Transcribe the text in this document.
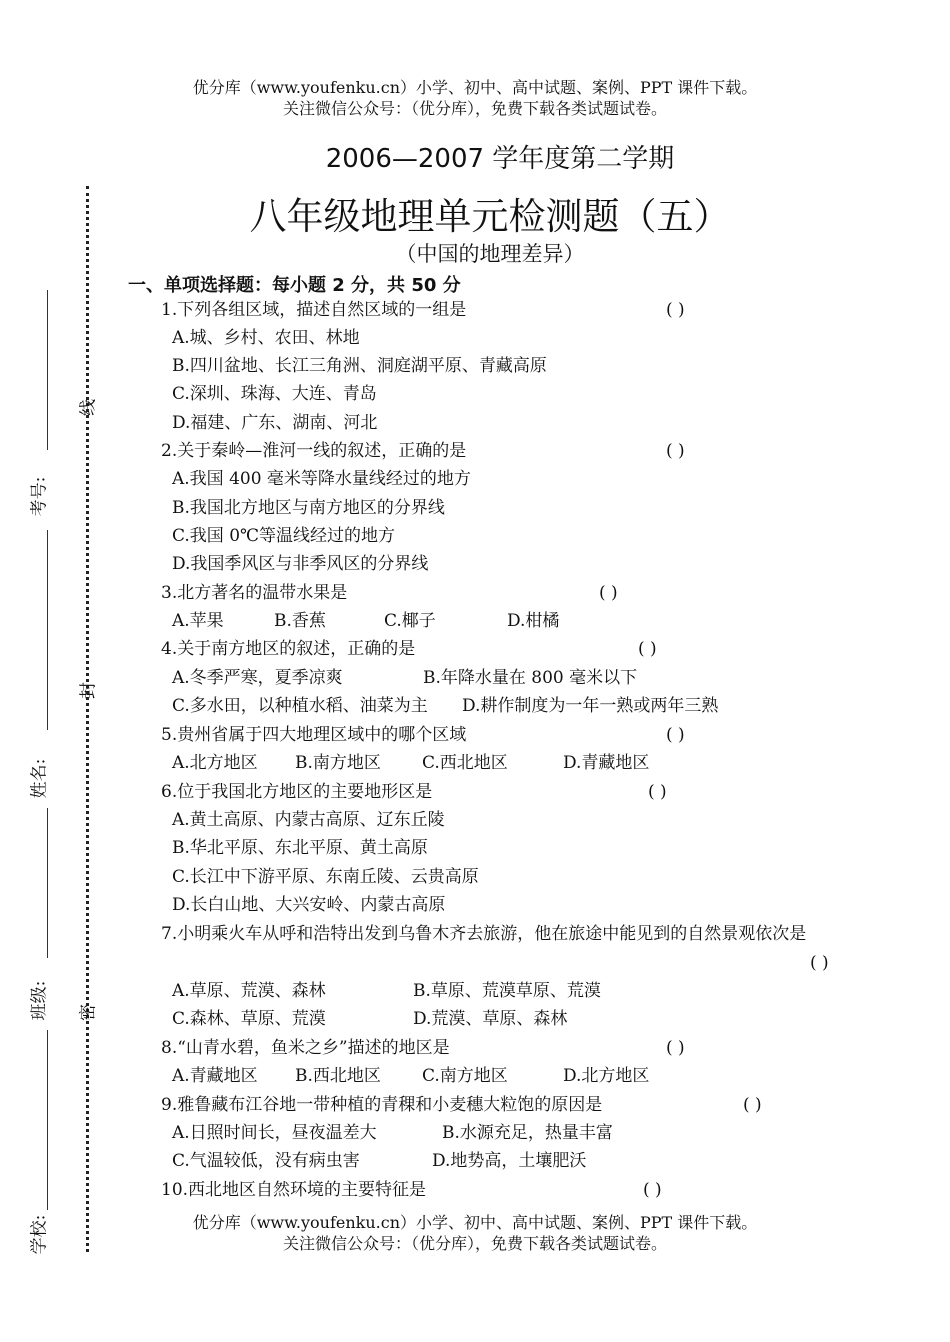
优分库（www.youfenku.cn）小学、初中、高中试题、案例、PPT 课件下载。
关注微信公众号：（优分库），免费下载各类试题试卷。
2006—2007 学年度第二学期
八年级地理单元检测题（五）
（中国的地理差异）
线
封
密
考号:
姓名:
班级:
学校:
一、单项选择题：每小题 2 分，共 50 分
1.下列各组区域，描述自然区域的一组是	( )
A.城、乡村、农田、林地
B.四川盆地、长江三角洲、洞庭湖平原、青藏高原
C.深圳、珠海、大连、青岛
D.福建、广东、湖南、河北
2.关于秦岭—淮河一线的叙述，正确的是	( )
A.我国 400 毫米等降水量线经过的地方
B.我国北方地区与南方地区的分界线
C.我国 0℃等温线经过的地方
D.我国季风区与非季风区的分界线
3.北方著名的温带水果是	( )
A.苹果	B.香蕉	C.椰子	D.柑橘
4.关于南方地区的叙述，正确的是	( )
A.冬季严寒，夏季凉爽	B.年降水量在 800 毫米以下
C.多水田，以种植水稻、油菜为主 D.耕作制度为一年一熟或两年三熟
5.贵州省属于四大地理区域中的哪个区域	( )
A.北方地区 B.南方地区 C.西北地区	D.青藏地区
6.位于我国北方地区的主要地形区是	( )
A.黄土高原、内蒙古高原、辽东丘陵
B.华北平原、东北平原、黄土高原
C.长江中下游平原、东南丘陵、云贵高原
D.长白山地、大兴安岭、内蒙古高原
7.小明乘火车从呼和浩特出发到乌鲁木齐去旅游，他在旅途中能见到的自然景观依次是
( )
A.草原、荒漠、森林	B.草原、荒漠草原、荒漠
C.森林、草原、荒漠	D.荒漠、草原、森林
8.“山青水碧，鱼米之乡”描述的地区是	( )
A.青藏地区 B.西北地区 C.南方地区	D.北方地区
9.雅鲁藏布江谷地一带种植的青稞和小麦穗大粒饱的原因是	( )
A.日照时间长，昼夜温差大	B.水源充足，热量丰富
C.气温较低，没有病虫害	D.地势高，土壤肥沃
10.西北地区自然环境的主要特征是	( )
优分库（www.youfenku.cn）小学、初中、高中试题、案例、PPT 课件下载。
关注微信公众号：（优分库），免费下载各类试题试卷。
